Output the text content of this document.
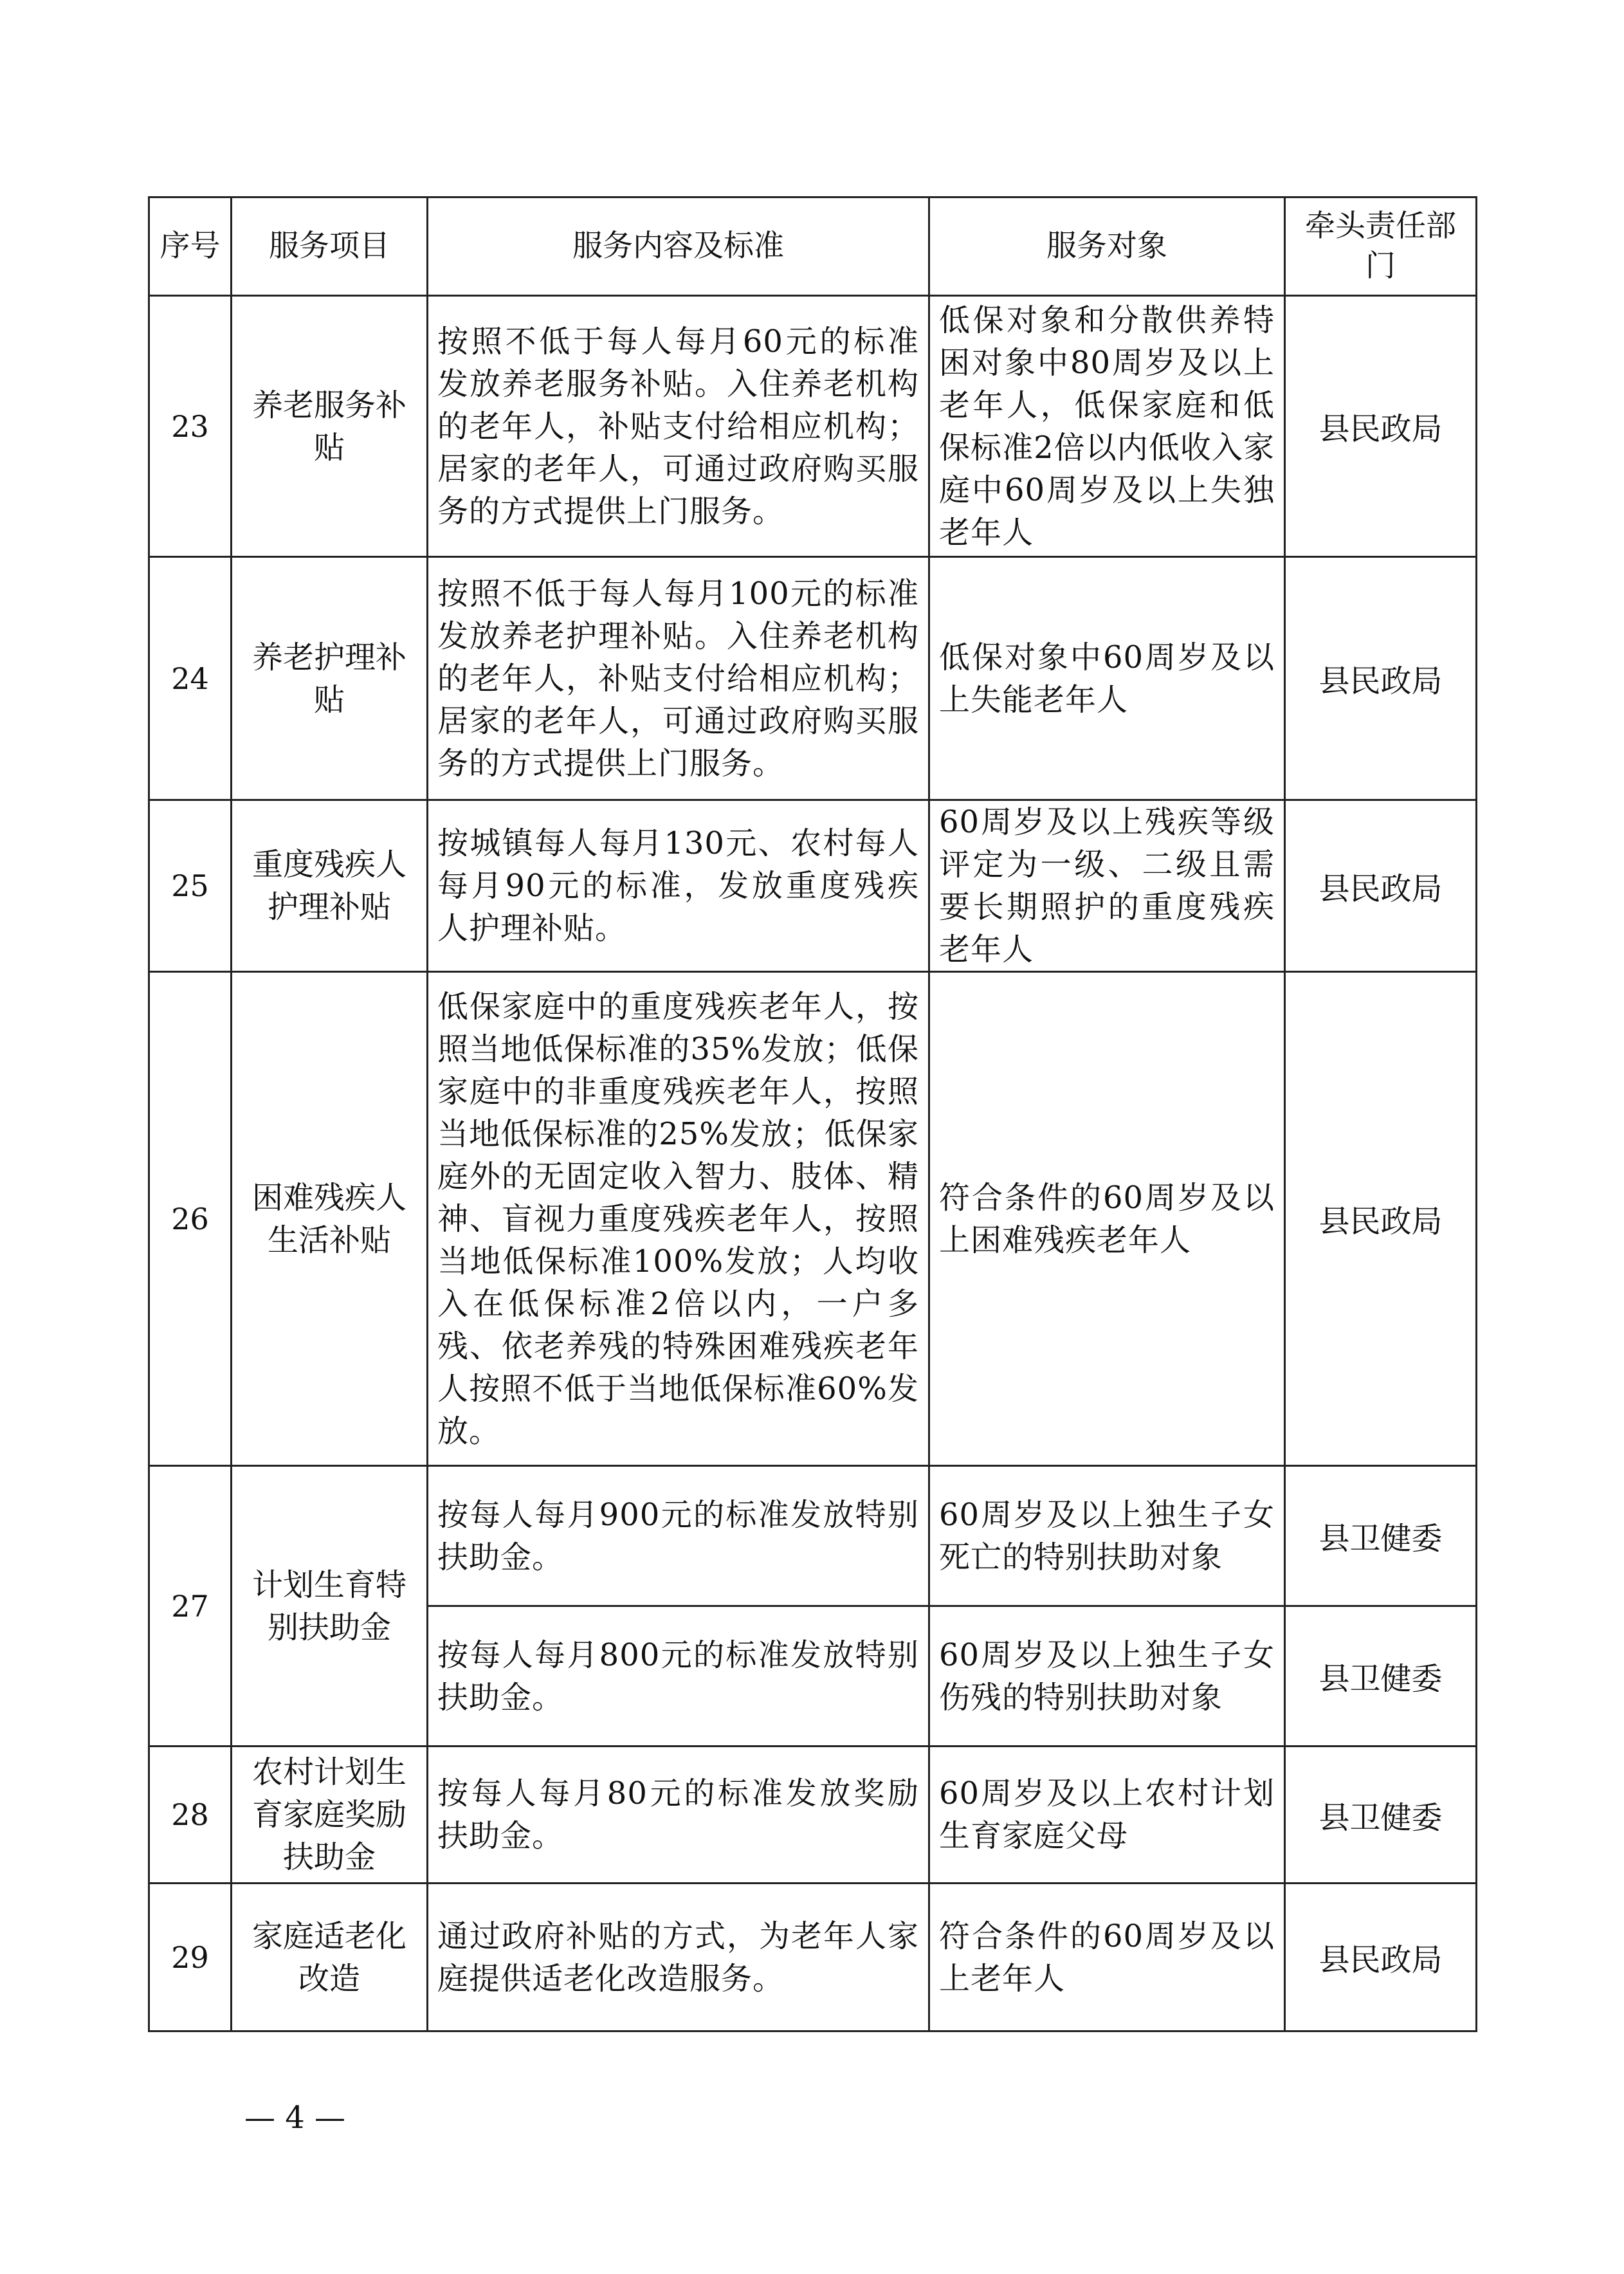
序号	服务项目	服务内容及标准	服务对象	牵头责任部门
23	养老服务补贴	按照不低于每人每月60元的标准发放养老服务补贴。入住养老机构的老年人，补贴支付给相应机构；居家的老年人，可通过政府购买服务的方式提供上门服务。	低保对象和分散供养特困对象中80周岁及以上老年人，低保家庭和低保标准2倍以内低收入家庭中60周岁及以上失独老年人	县民政局
24	养老护理补贴	按照不低于每人每月100元的标准发放养老护理补贴。入住养老机构的老年人，补贴支付给相应机构；居家的老年人，可通过政府购买服务的方式提供上门服务。	低保对象中60周岁及以上失能老年人	县民政局
25	重度残疾人护理补贴	按城镇每人每月130元、农村每人每月90元的标准，发放重度残疾人护理补贴。	60周岁及以上残疾等级评定为一级、二级且需要长期照护的重度残疾老年人	县民政局
26	困难残疾人生活补贴	低保家庭中的重度残疾老年人，按照当地低保标准的35%发放；低保家庭中的非重度残疾老年人，按照当地低保标准的25%发放；低保家庭外的无固定收入智力、肢体、精神、盲视力重度残疾老年人，按照当地低保标准100%发放；人均收入在低保标准2倍以内，一户多残、依老养残的特殊困难残疾老年人按照不低于当地低保标准60%发放。	符合条件的60周岁及以上困难残疾老年人	县民政局
27	计划生育特别扶助金	按每人每月900元的标准发放特别扶助金。	60周岁及以上独生子女死亡的特别扶助对象	县卫健委
		按每人每月800元的标准发放特别扶助金。	60周岁及以上独生子女伤残的特别扶助对象	县卫健委
28	农村计划生育家庭奖励扶助金	按每人每月80元的标准发放奖励扶助金。	60周岁及以上农村计划生育家庭父母	县卫健委
29	家庭适老化改造	通过政府补贴的方式，为老年人家庭提供适老化改造服务。	符合条件的60周岁及以上老年人	县民政局
— 4 —
